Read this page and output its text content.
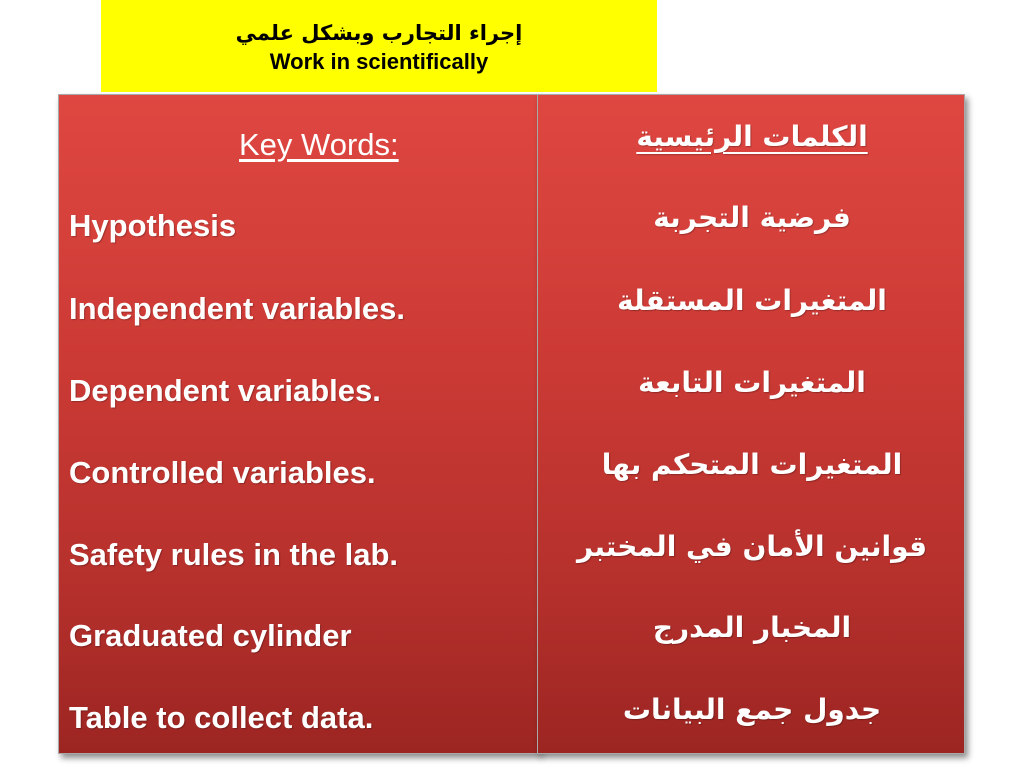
إجراء التجارب وبشكل علمي
Work in scientifically
Key Words:
Hypothesis
Independent variables.
Dependent variables.
Controlled variables.
Safety rules in the lab.
Graduated cylinder
Table to collect data.
الكلمات الرئيسية
فرضية التجربة
المتغيرات المستقلة
المتغيرات التابعة
المتغيرات المتحكم بها
قوانين الأمان في المختبر
المخبار المدرج
جدول جمع البيانات
